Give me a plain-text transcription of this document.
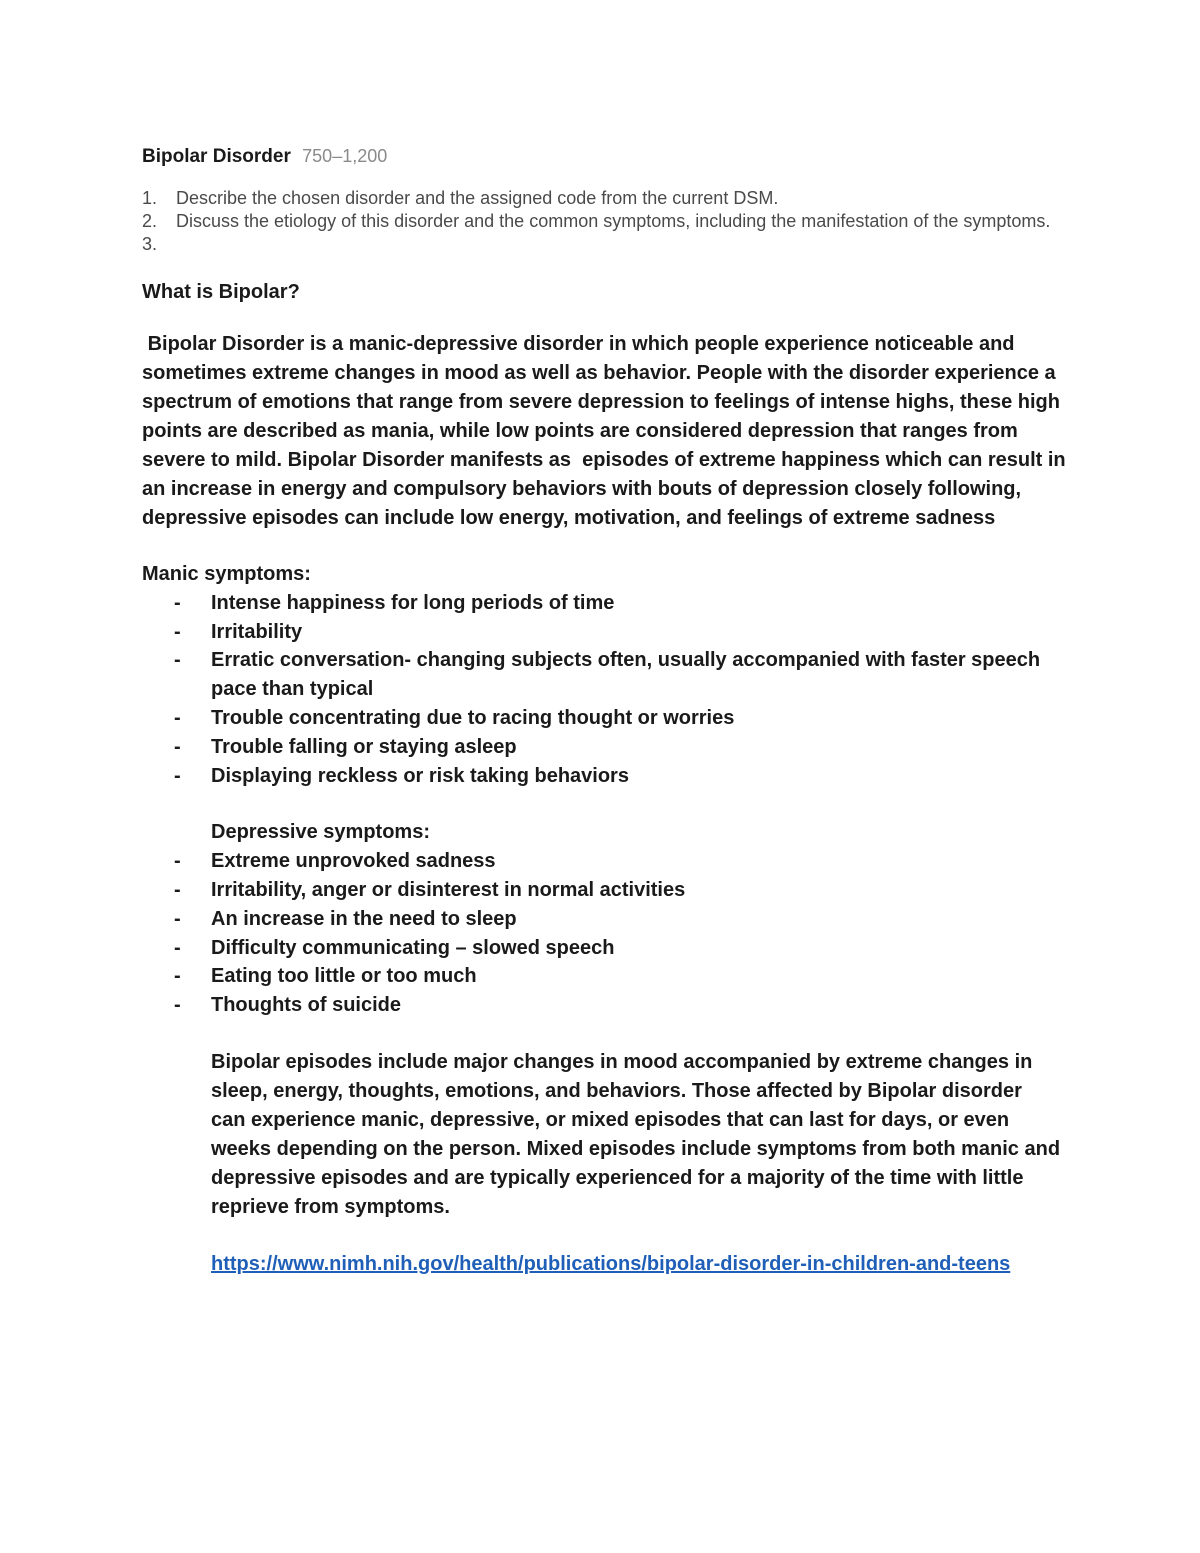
Bipolar Disorder 750–1,200

1.	Describe the chosen disorder and the assigned code from the current DSM.
2.	Discuss the etiology of this disorder and the common symptoms, including the manifestation of the symptoms.
3.

What is Bipolar?

Bipolar Disorder is a manic-depressive disorder in which people experience noticeable and sometimes extreme changes in mood as well as behavior. People with the disorder experience a spectrum of emotions that range from severe depression to feelings of intense highs, these high points are described as mania, while low points are considered depression that ranges from severe to mild. Bipolar Disorder manifests as  episodes of extreme happiness which can result in an increase in energy and compulsory behaviors with bouts of depression closely following, depressive episodes can include low energy, motivation, and feelings of extreme sadness

Manic symptoms:

- Intense happiness for long periods of time
- Irritability
- Erratic conversation- changing subjects often, usually accompanied with faster speech pace than typical
- Trouble concentrating due to racing thought or worries
- Trouble falling or staying asleep
- Displaying reckless or risk taking behaviors

Depressive symptoms:

- Extreme unprovoked sadness
- Irritability, anger or disinterest in normal activities
- An increase in the need to sleep
- Difficulty communicating – slowed speech
- Eating too little or too much
- Thoughts of suicide

Bipolar episodes include major changes in mood accompanied by extreme changes in sleep, energy, thoughts, emotions, and behaviors. Those affected by Bipolar disorder can experience manic, depressive, or mixed episodes that can last for days, or even weeks depending on the person. Mixed episodes include symptoms from both manic and depressive episodes and are typically experienced for a majority of the time with little reprieve from symptoms.

https://www.nimh.nih.gov/health/publications/bipolar-disorder-in-children-and-teens
